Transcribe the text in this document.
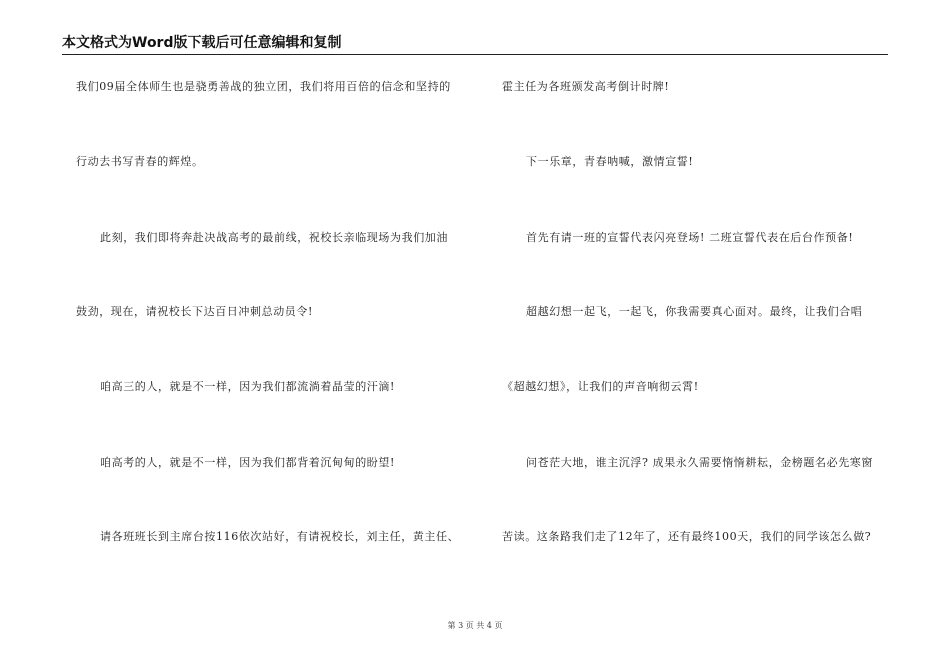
本文格式为Word版下载后可任意编辑和复制
我们09届全体师生也是骁勇善战的独立团，我们将用百倍的信念和坚持的
行动去书写青春的辉煌。
此刻，我们即将奔赴决战高考的最前线，祝校长亲临现场为我们加油
鼓劲，现在，请祝校长下达百日冲刺总动员令!
咱高三的人，就是不一样，因为我们都流淌着晶莹的汗滴!
咱高考的人，就是不一样，因为我们都背着沉甸甸的盼望!
请各班班长到主席台按116依次站好，有请祝校长，刘主任，黄主任、
霍主任为各班颁发高考倒计时牌!
下一乐章，青春呐喊，激情宣誓!
首先有请一班的宣誓代表闪亮登场! 二班宣誓代表在后台作预备!
超越幻想一起飞，一起飞，你我需要真心面对。最终，让我们合唱
《超越幻想》，让我们的声音响彻云霄!
问苍茫大地，谁主沉浮? 成果永久需要惰惰耕耘，金榜题名必先寒窗
苦读。这条路我们走了12年了，还有最终100天，我们的同学该怎么做?
第 3 页 共 4 页
